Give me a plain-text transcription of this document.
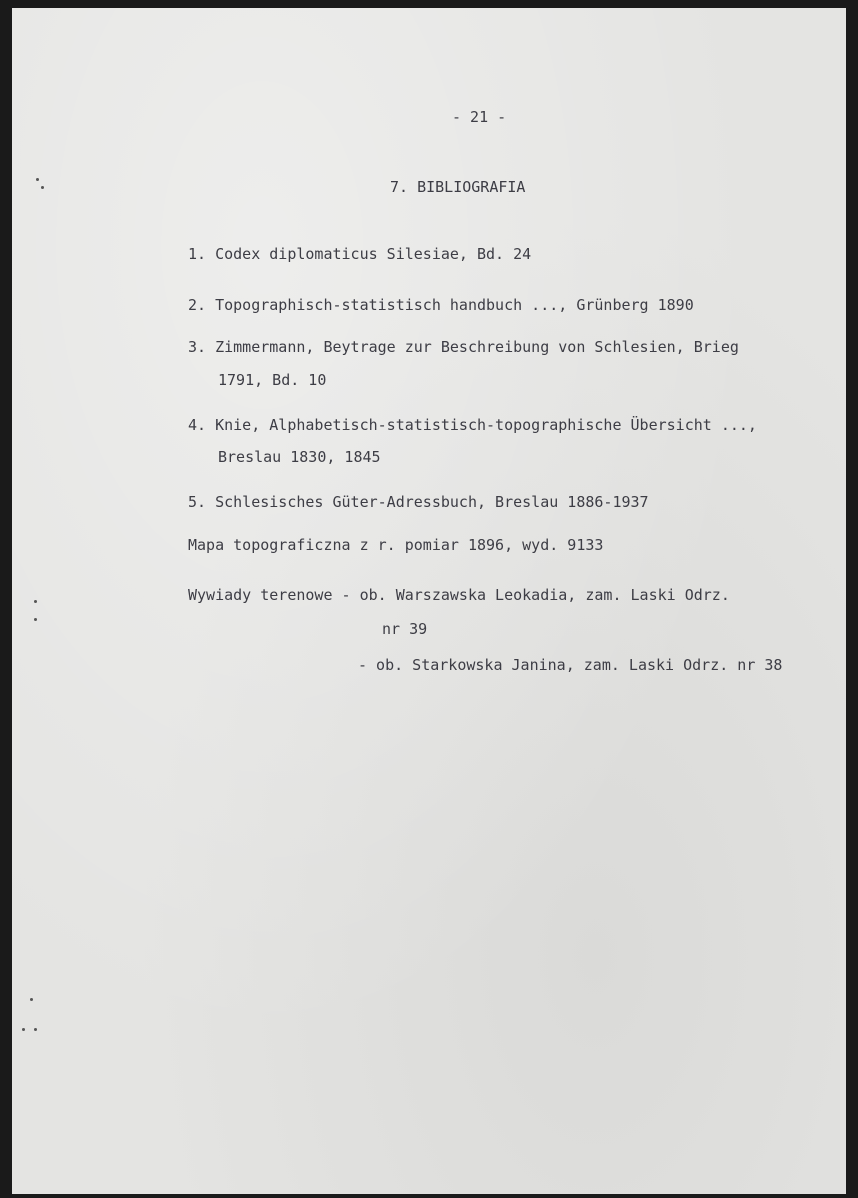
- 21 -
7. BIBLIOGRAFIA
1. Codex diplomaticus Silesiae, Bd. 24
2. Topographisch-statistisch handbuch ..., Grünberg 1890
3. Zimmermann, Beytrage zur Beschreibung von Schlesien, Brieg
1791, Bd. 10
4. Knie, Alphabetisch-statistisch-topographische Übersicht ...,
Breslau 1830, 1845
5. Schlesisches Güter-Adressbuch, Breslau 1886-1937
Mapa topograficzna z r. pomiar 1896, wyd. 9133
Wywiady terenowe - ob. Warszawska Leokadia, zam. Laski Odrz.
nr 39
- ob. Starkowska Janina, zam. Laski Odrz. nr 38
